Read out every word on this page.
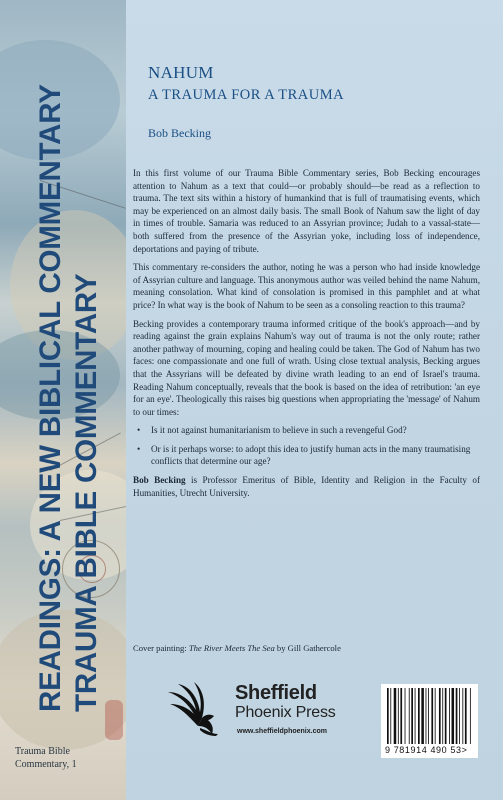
READINGS: A NEW BIBLICAL COMMENTARY TRAUMA BIBLE COMMENTARY
Trauma Bible
Commentary, 1
NAHUM
A TRAUMA FOR A TRAUMA
Bob Becking

In this first volume of our Trauma Bible Commentary series, Bob Becking encourages attention to Nahum as a text that could—or probably should—be read as a reflection to trauma. The text sits within a history of humankind that is full of traumatising events, which may be experienced on an almost daily basis. The small Book of Nahum saw the light of day in times of trouble. Samaria was reduced to an Assyrian province; Judah to a vassal-state—both suffered from the presence of the Assyrian yoke, including loss of independence, deportations and paying of tribute.

This commentary re-considers the author, noting he was a person who had inside knowledge of Assyrian culture and language. This anonymous author was veiled behind the name Nahum, meaning consolation. What kind of consolation is promised in this pamphlet and at what price? In what way is the book of Nahum to be seen as a consoling reaction to this trauma?

Becking provides a contemporary trauma informed critique of the book's approach—and by reading against the grain explains Nahum's way out of trauma is not the only route; rather another pathway of mourning, coping and healing could be taken. The God of Nahum has two faces: one compassionate and one full of wrath. Using close textual analysis, Becking argues that the Assyrians will be defeated by divine wrath leading to an end of Israel's trauma. Reading Nahum conceptually, reveals that the book is based on the idea of retribution: 'an eye for an eye'. Theologically this raises big questions when appropriating the 'message' of Nahum to our times:

• Is it not against humanitarianism to believe in such a revengeful God?
• Or is it perhaps worse: to adopt this idea to justify human acts in the many traumatising conflicts that determine our age?

Bob Becking is Professor Emeritus of Bible, Identity and Religion in the Faculty of Humanities, Utrecht University.

Cover painting: The River Meets The Sea by Gill Gathercole
Sheffield
Phoenix Press
www.sheffieldphoenix.com
9 781914 490 53>
